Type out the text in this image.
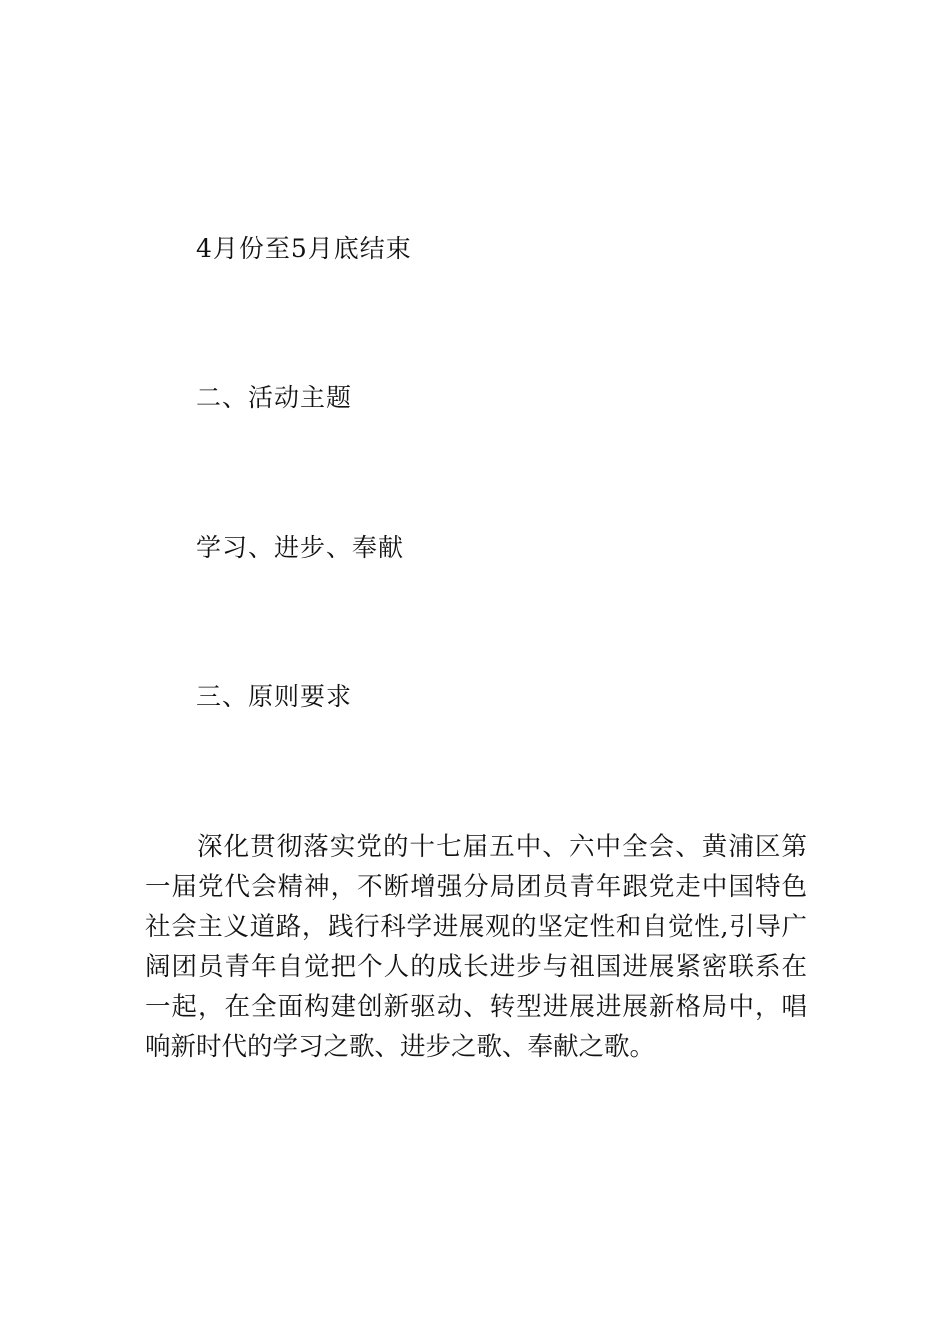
4月份至5月底结束
二、活动主题
学习、进步、奉献
三、原则要求
深化贯彻落实党的十七届五中、六中全会、黄浦区第
一届党代会精神，不断增强分局团员青年跟党走中国特色
社会主义道路，践行科学进展观的坚定性和自觉性,引导广
阔团员青年自觉把个人的成长进步与祖国进展紧密联系在
一起，在全面构建创新驱动、转型进展进展新格局中，唱
响新时代的学习之歌、进步之歌、奉献之歌。
